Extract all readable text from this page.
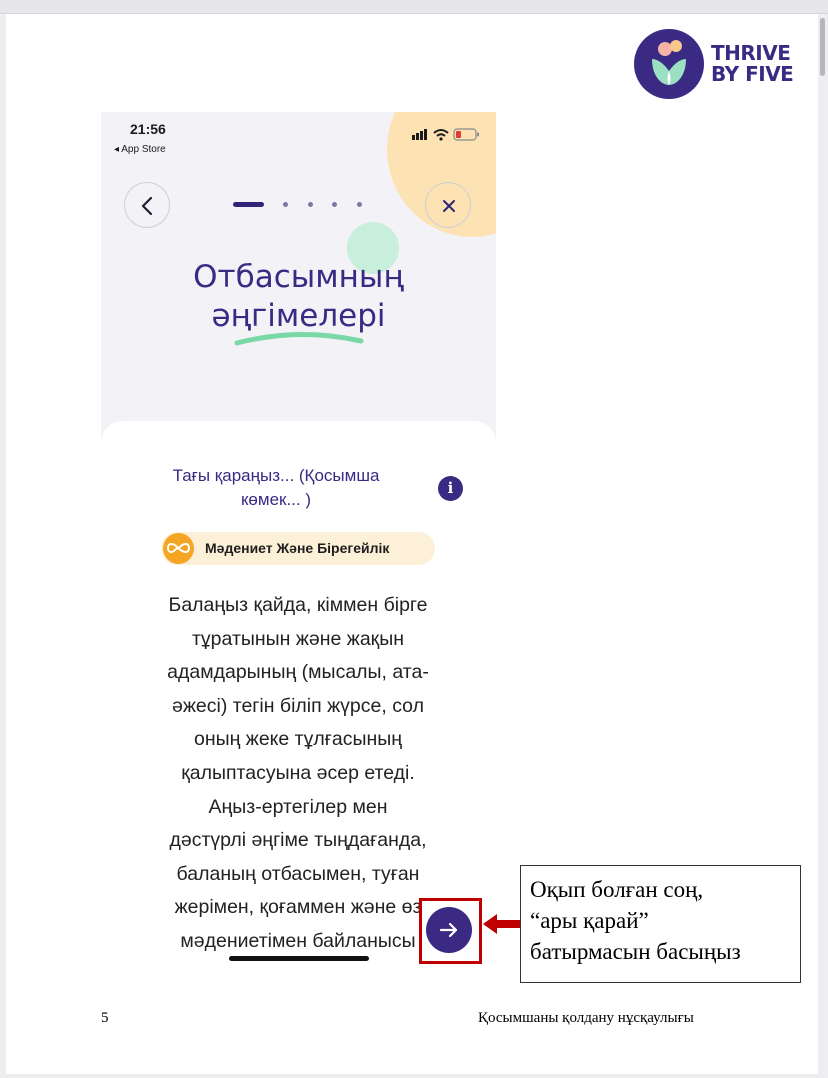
THRIVE
BY FIVE
21:56
◂ App Store
Отбасымның
әңгімелері
Тағы қараңыз... (Қосымша көмек... )
i
Мәдениет Және Бірегейлік
Балаңыз қайда, кіммен бірге
тұратынын және жақын
адамдарының (мысалы, ата-
әжесі) тегін біліп жүрсе, сол
оның жеке тұлғасының
қалыптасуына әсер етеді.
Аңыз-ертегілер мен
дәстүрлі әңгіме тыңдағанда,
баланың отбасымен, туған
жерімен, қоғаммен және өз
мәдениетімен байланысы
Оқып болған соң,
“ары қарай”
батырмасын басыңыз
5	Қосымшаны қолдану нұсқаулығы
